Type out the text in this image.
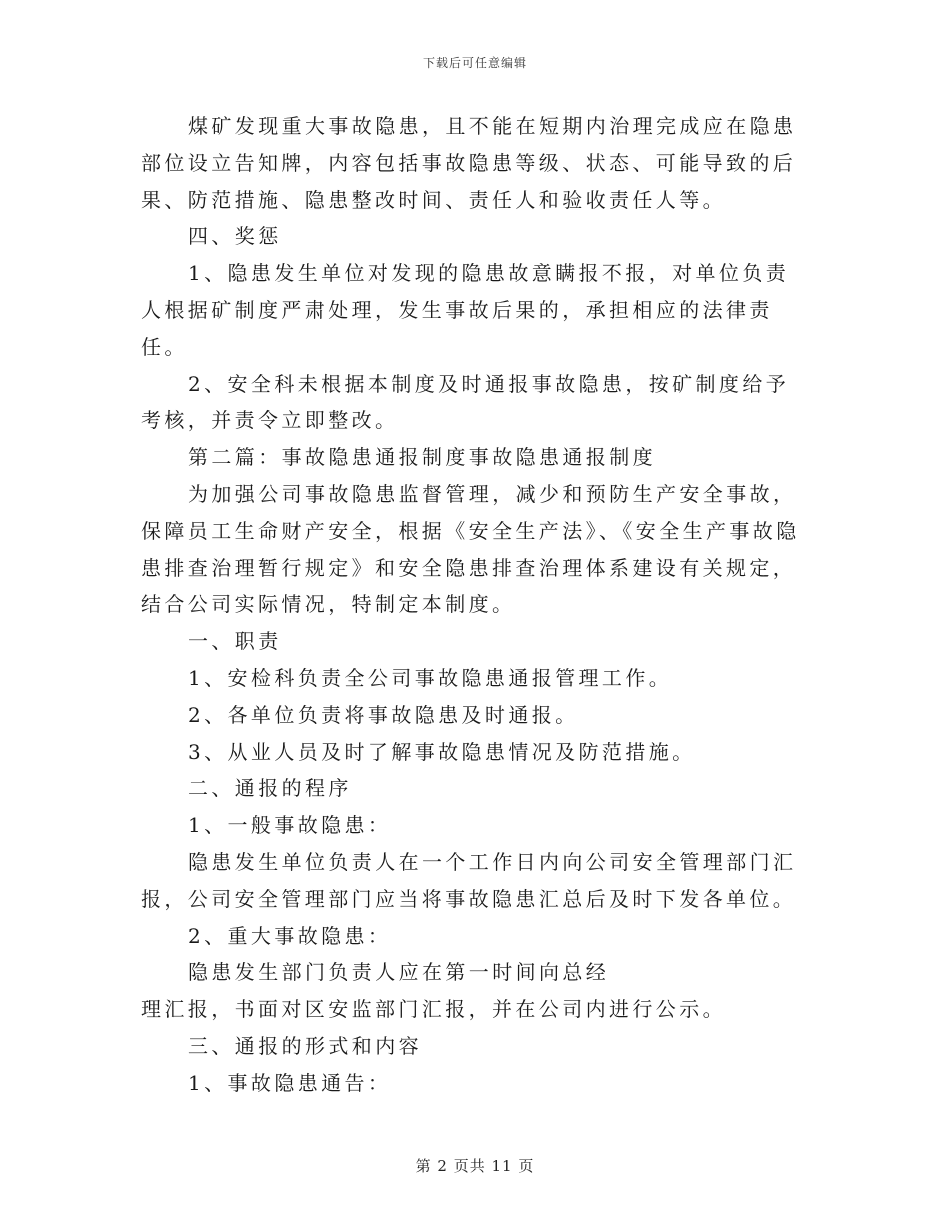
下载后可任意编辑

煤矿发现重大事故隐患，且不能在短期内治理完成应在隐患部位设立告知牌，内容包括事故隐患等级、状态、可能导致的后果、防范措施、隐患整改时间、责任人和验收责任人等。

四、奖惩

1、隐患发生单位对发现的隐患故意瞒报不报，对单位负责人根据矿制度严肃处理，发生事故后果的，承担相应的法律责任。

2、安全科未根据本制度及时通报事故隐患，按矿制度给予考核，并责令立即整改。

第二篇：事故隐患通报制度事故隐患通报制度

为加强公司事故隐患监督管理，减少和预防生产安全事故，保障员工生命财产安全，根据《安全生产法》、《安全生产事故隐患排查治理暂行规定》和安全隐患排查治理体系建设有关规定，结合公司实际情况，特制定本制度。

一、职责

1、安检科负责全公司事故隐患通报管理工作。

2、各单位负责将事故隐患及时通报。

3、从业人员及时了解事故隐患情况及防范措施。

二、通报的程序

1、一般事故隐患：

隐患发生单位负责人在一个工作日内向公司安全管理部门汇报，公司安全管理部门应当将事故隐患汇总后及时下发各单位。

2、重大事故隐患：

隐患发生部门负责人应在第一时间向总经

理汇报，书面对区安监部门汇报，并在公司内进行公示。

三、通报的形式和内容

1、事故隐患通告：

第 2 页共 11 页
